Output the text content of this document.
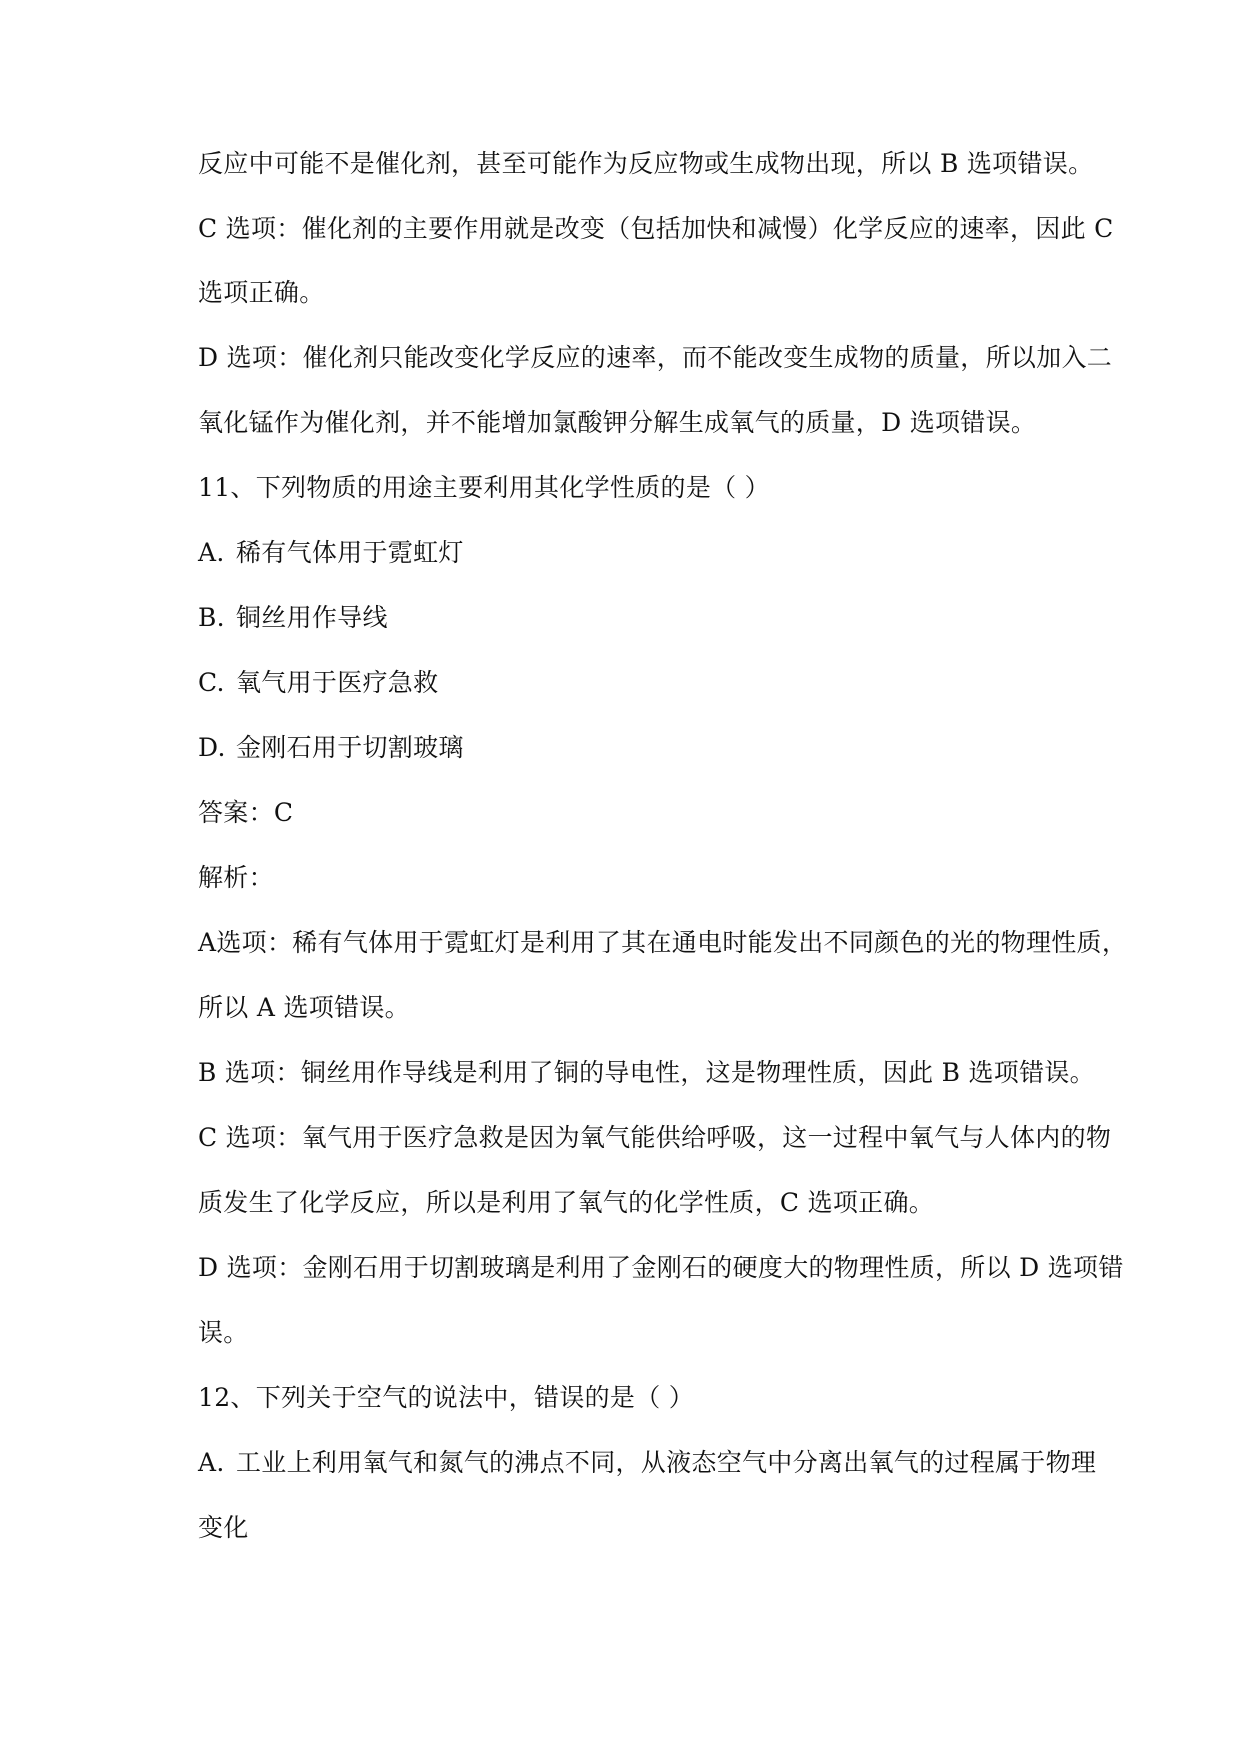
反应中可能不是催化剂，甚至可能作为反应物或生成物出现，所以 B 选项错误。
C 选项：催化剂的主要作用就是改变（包括加快和减慢）化学反应的速率，因此 C
选项正确。
D 选项：催化剂只能改变化学反应的速率，而不能改变生成物的质量，所以加入二
氧化锰作为催化剂，并不能增加氯酸钾分解生成氧气的质量，D 选项错误。
11、下列物质的用途主要利用其化学性质的是（ ）
A. 稀有气体用于霓虹灯
B. 铜丝用作导线
C. 氧气用于医疗急救
D. 金刚石用于切割玻璃
答案：C
解析：
A选项：稀有气体用于霓虹灯是利用了其在通电时能发出不同颜色的光的物理性质，
所以 A 选项错误。
B 选项：铜丝用作导线是利用了铜的导电性，这是物理性质，因此 B 选项错误。
C 选项：氧气用于医疗急救是因为氧气能供给呼吸，这一过程中氧气与人体内的物
质发生了化学反应，所以是利用了氧气的化学性质，C 选项正确。
D 选项：金刚石用于切割玻璃是利用了金刚石的硬度大的物理性质，所以 D 选项错
误。
12、下列关于空气的说法中，错误的是（ ）
A. 工业上利用氧气和氮气的沸点不同，从液态空气中分离出氧气的过程属于物理
变化
